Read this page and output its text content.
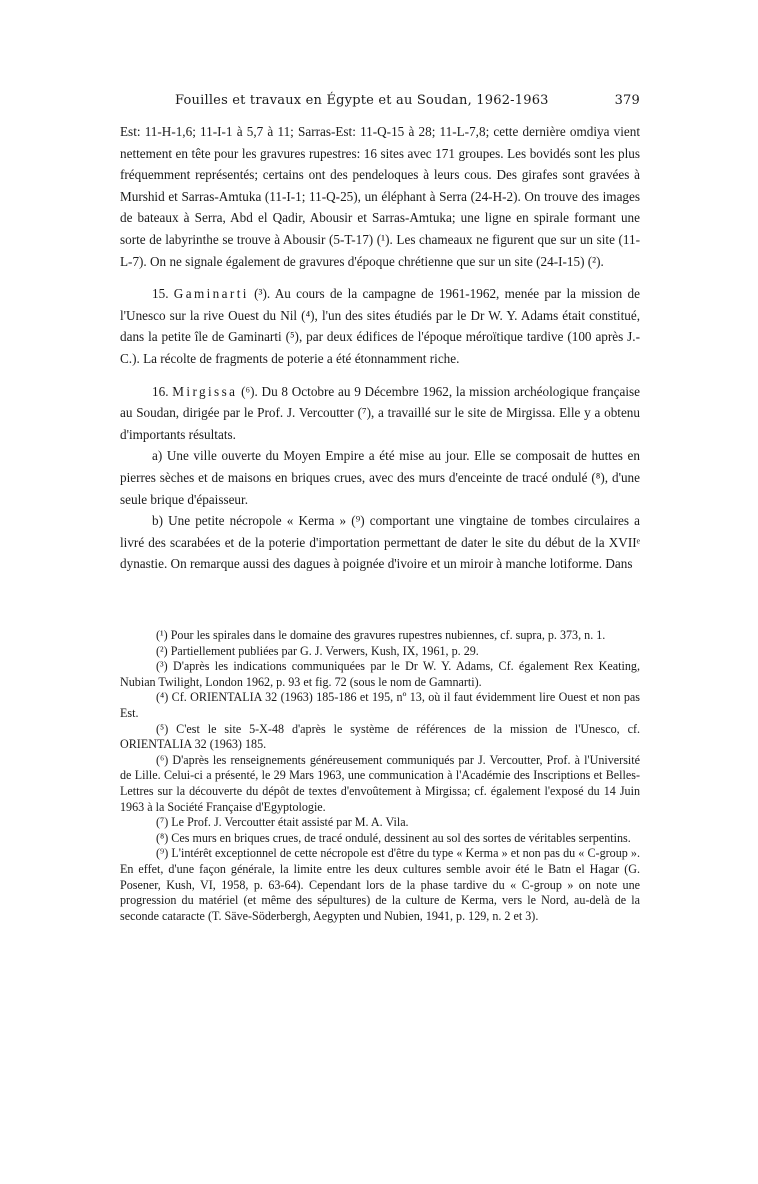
Fouilles et travaux en Égypte et au Soudan, 1962-1963	379

Est: 11-H-1,6; 11-I-1 à 5,7 à 11; Sarras-Est: 11-Q-15 à 28; 11-L-7,8; cette dernière omdiya vient nettement en tête pour les gravures rupestres: 16 sites avec 171 groupes. Les bovidés sont les plus fréquemment représentés; certains ont des pendeloques à leurs cous. Des girafes sont gravées à Murshid et Sarras-Amtuka (11-I-1; 11-Q-25), un éléphant à Serra (24-H-2). On trouve des images de bateaux à Serra, Abd el Qadir, Abousir et Sarras-Amtuka; une ligne en spirale formant une sorte de labyrinthe se trouve à Abousir (5-T-17) (¹). Les chameaux ne figurent que sur un site (11-L-7). On ne signale également de gravures d'époque chrétienne que sur un site (24-I-15) (²).

15. Gaminarti (³). Au cours de la campagne de 1961-1962, menée par la mission de l'Unesco sur la rive Ouest du Nil (⁴), l'un des sites étudiés par le Dr W. Y. Adams était constitué, dans la petite île de Gaminarti (⁵), par deux édifices de l'époque méroïtique tardive (100 après J.-C.). La récolte de fragments de poterie a été étonnamment riche.

16. Mirgissa (⁶). Du 8 Octobre au 9 Décembre 1962, la mission archéologique française au Soudan, dirigée par le Prof. J. Vercoutter (⁷), a travaillé sur le site de Mirgissa. Elle y a obtenu d'importants résultats.

a) Une ville ouverte du Moyen Empire a été mise au jour. Elle se composait de huttes en pierres sèches et de maisons en briques crues, avec des murs d'enceinte de tracé ondulé (⁸), d'une seule brique d'épaisseur.

b) Une petite nécropole « Kerma » (⁹) comportant une vingtaine de tombes circulaires a livré des scarabées et de la poterie d'importation permettant de dater le site du début de la XVIIᵉ dynastie. On remarque aussi des dagues à poignée d'ivoire et un miroir à manche lotiforme. Dans

(¹) Pour les spirales dans le domaine des gravures rupestres nubiennes, cf. supra, p. 373, n. 1.

(²) Partiellement publiées par G. J. Verwers, Kush, IX, 1961, p. 29.

(³) D'après les indications communiquées par le Dr W. Y. Adams, Cf. également Rex Keating, Nubian Twilight, London 1962, p. 93 et fig. 72 (sous le nom de Gamnarti).

(⁴) Cf. ORIENTALIA 32 (1963) 185-186 et 195, nº 13, où il faut évidemment lire Ouest et non pas Est.

(⁵) C'est le site 5-X-48 d'après le système de références de la mission de l'Unesco, cf. ORIENTALIA 32 (1963) 185.

(⁶) D'après les renseignements généreusement communiqués par J. Vercoutter, Prof. à l'Université de Lille. Celui-ci a présenté, le 29 Mars 1963, une communication à l'Académie des Inscriptions et Belles-Lettres sur la découverte du dépôt de textes d'envoûtement à Mirgissa; cf. également l'exposé du 14 Juin 1963 à la Société Française d'Egyptologie.

(⁷) Le Prof. J. Vercoutter était assisté par M. A. Vila.

(⁸) Ces murs en briques crues, de tracé ondulé, dessinent au sol des sortes de véritables serpentins.

(⁹) L'intérêt exceptionnel de cette nécropole est d'être du type « Kerma » et non pas du « C-group ». En effet, d'une façon générale, la limite entre les deux cultures semble avoir été le Batn el Hagar (G. Posener, Kush, VI, 1958, p. 63-64). Cependant lors de la phase tardive du « C-group » on note une progression du matériel (et même des sépultures) de la culture de Kerma, vers le Nord, au-delà de la seconde cataracte (T. Säve-Söderbergh, Aegypten und Nubien, 1941, p. 129, n. 2 et 3).
